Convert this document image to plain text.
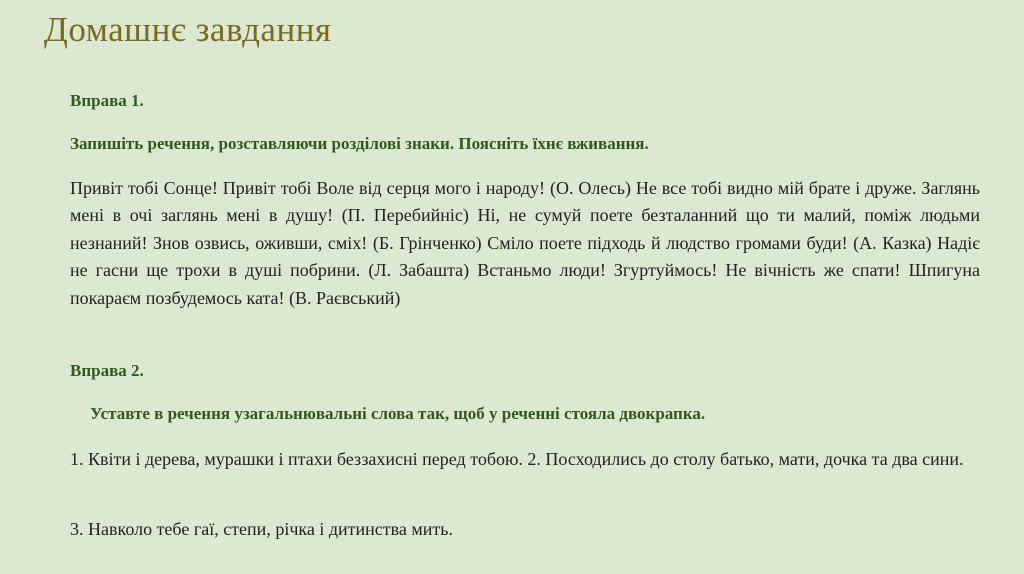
Домашнє завдання
Вправа 1.
Запишіть речення, розставляючи розділові знаки. Поясніть їхнє вживання.

Привіт тобі Сонце! Привіт тобі Воле від серця мого і народу! (О. Олесь) Не все тобі видно мій брате і друже. Заглянь мені в очі заглянь мені в душу! (П. Перебийніс) Ні, не сумуй поете безталанний що ти малий, поміж людьми незнаний! Знов озвись, оживши, сміх! (Б. Грінченко) Сміло поете підходь й людство громами буди! (А. Казка) Надіє не гасни ще трохи в душі побрини. (Л. Забашта) Встаньмо люди! Згуртуймось! Не вічність же спати! Шпигуна покараєм позбудемось ката! (В. Раєвський)

Вправа 2.
Уставте в речення узагальнювальні слова так, щоб у реченні стояла двокрапка.

1. Квіти і дерева, мурашки і птахи беззахисні перед тобою. 2. Посходились до столу батько, мати, дочка та два сини.

3. Навколо тебе гаї, степи, річка і дитинства мить.
